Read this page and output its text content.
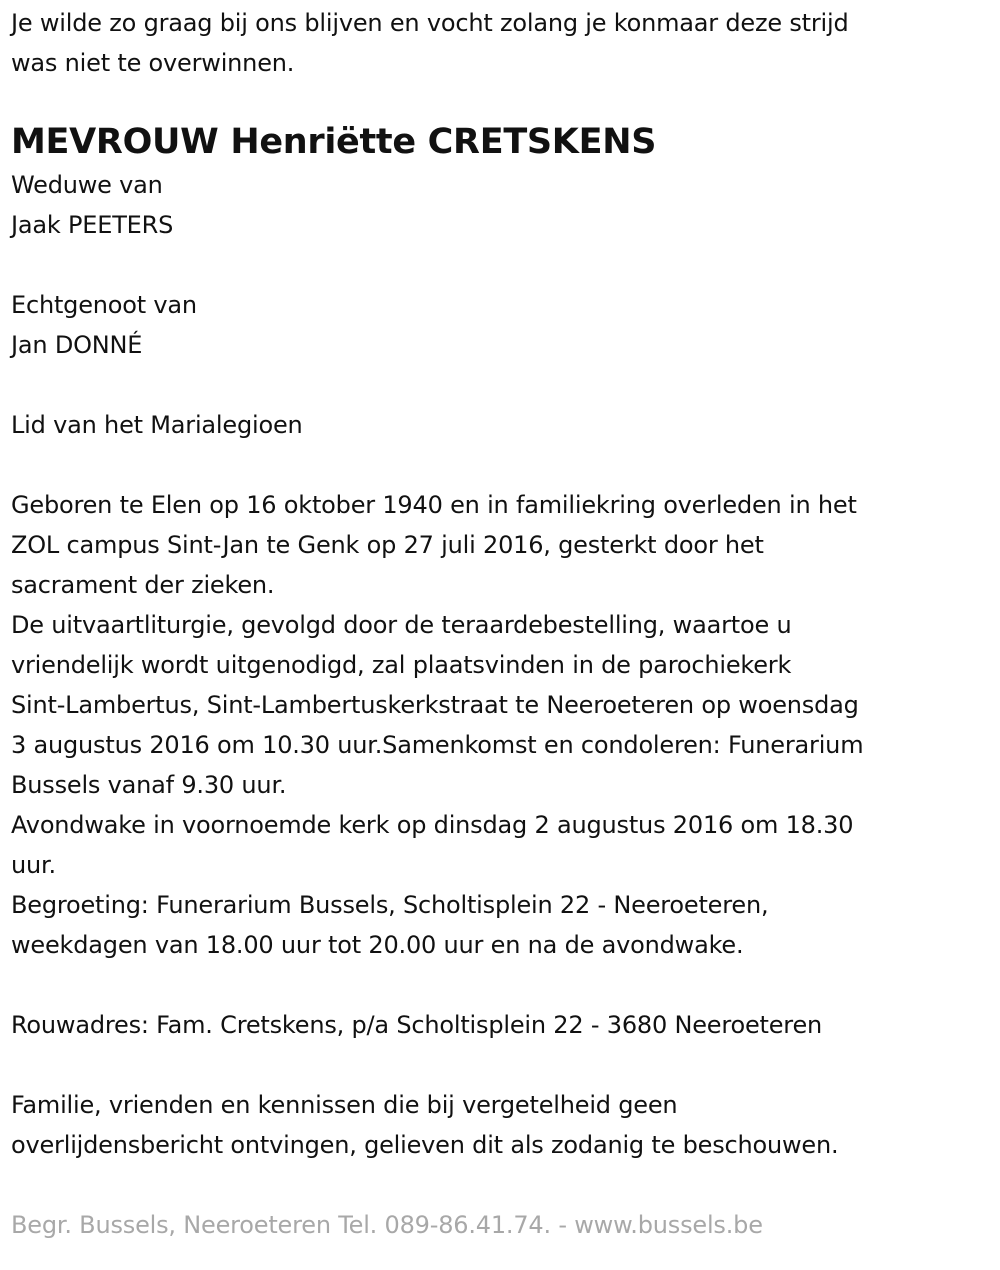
Je wilde zo graag bij ons blijven en vocht zolang je konmaar deze strijd

was niet te overwinnen.

MEVROUW Henriëtte CRETSKENS

Weduwe van

Jaak PEETERS

Echtgenoot van

Jan DONNÉ

Lid van het Marialegioen

Geboren te Elen op 16 oktober 1940 en in familiekring overleden in het

ZOL campus Sint-Jan te Genk op 27 juli 2016, gesterkt door het

sacrament der zieken.

De uitvaartliturgie, gevolgd door de teraardebestelling, waartoe u

vriendelijk wordt uitgenodigd, zal plaatsvinden in de parochiekerk

Sint-Lambertus, Sint-Lambertuskerkstraat te Neeroeteren op woensdag

3 augustus 2016 om 10.30 uur.Samenkomst en condoleren: Funerarium

Bussels vanaf 9.30 uur.

Avondwake in voornoemde kerk op dinsdag 2 augustus 2016 om 18.30

uur.

Begroeting: Funerarium Bussels, Scholtisplein 22 - Neeroeteren,

weekdagen van 18.00 uur tot 20.00 uur en na de avondwake.

Rouwadres: Fam. Cretskens, p/a Scholtisplein 22 - 3680 Neeroeteren

Familie, vrienden en kennissen die bij vergetelheid geen

overlijdensbericht ontvingen, gelieven dit als zodanig te beschouwen.

Begr. Bussels, Neeroeteren Tel. 089-86.41.74. - www.bussels.be
